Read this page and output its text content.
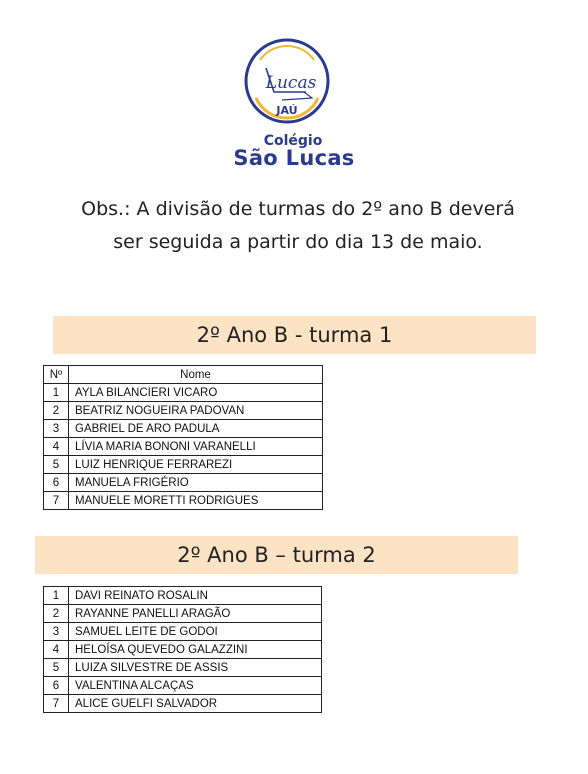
Lucas
JAÚ
Colégio
São Lucas
Obs.: A divisão de turmas do 2º ano B deverá
ser seguida a partir do dia 13 de maio.
2º Ano B - turma 1
Nº	Nome
1	AYLA BILANCIERI VICARO
2	BEATRIZ NOGUEIRA PADOVAN
3	GABRIEL DE ARO PADULA
4	LÍVIA MARIA BONONI VARANELLI
5	LUIZ HENRIQUE FERRAREZI
6	MANUELA FRIGÉRIO
7	MANUELE MORETTI RODRIGUES
2º Ano B – turma 2
1	DAVI REINATO ROSALIN
2	RAYANNE PANELLI ARAGÃO
3	SAMUEL LEITE DE GODOI
4	HELOÍSA QUEVEDO GALAZZINI
5	LUIZA SILVESTRE DE ASSIS
6	VALENTINA ALCAÇAS
7	ALICE GUELFI SALVADOR
